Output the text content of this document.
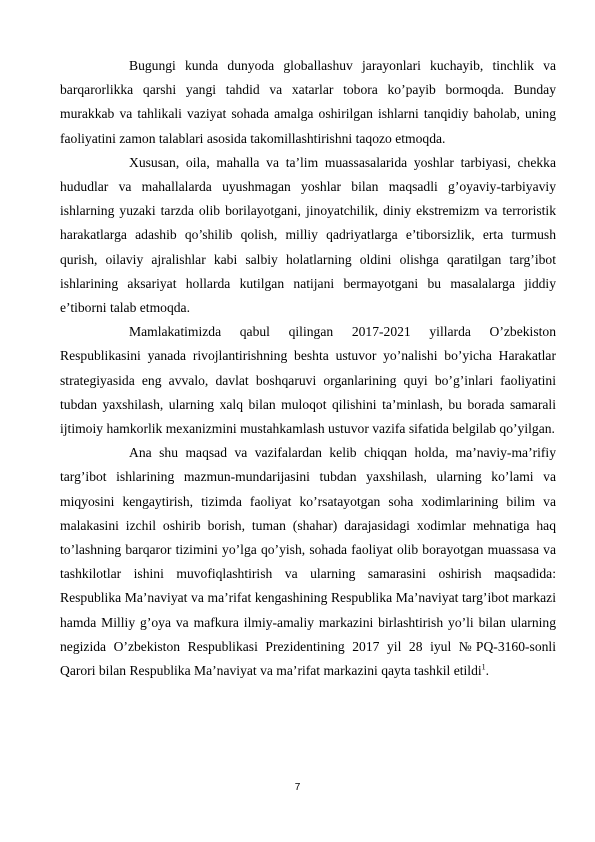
Bugungi kunda dunyoda globallashuv jarayonlari kuchayib, tinchlik va barqarorlikka qarshi yangi tahdid va xatarlar tobora ko’payib bormoqda. Bunday murakkab va tahlikali vaziyat sohada amalga oshirilgan ishlarni tanqidiy baholab, uning faoliyatini zamon talablari asosida takomillashtirishni taqozo etmoqda.

Xususan, oila, mahalla va ta’lim muassasalarida yoshlar tarbiyasi, chekka hududlar va mahallalarda uyushmagan yoshlar bilan maqsadli g’oyaviy-tarbiyaviy ishlarning yuzaki tarzda olib borilayotgani, jinoyatchilik, diniy ekstremizm va terroristik harakatlarga adashib qo’shilib qolish, milliy qadriyatlarga e’tiborsizlik, erta turmush qurish, oilaviy ajralishlar kabi salbiy holatlarning oldini olishga qaratilgan targ’ibot ishlarining aksariyat hollarda kutilgan natijani bermayotgani bu masalalarga jiddiy e’tiborni talab etmoqda.

Mamlakatimizda qabul qilingan 2017-2021 yillarda O’zbekiston Respublikasini yanada rivojlantirishning beshta ustuvor yo’nalishi bo’yicha Harakatlar strategiyasida eng avvalo, davlat boshqaruvi organlarining quyi bo’g’inlari faoliyatini tubdan yaxshilash, ularning xalq bilan muloqot qilishini ta’minlash, bu borada samarali ijtimoiy hamkorlik mexanizmini mustahkamlash ustuvor vazifa sifatida belgilab qo’yilgan.

Ana shu maqsad va vazifalardan kelib chiqqan holda, ma’naviy-ma’rifiy targ’ibot ishlarining mazmun-mundarijasini tubdan yaxshilash, ularning ko’lami va miqyosini kengaytirish, tizimda faoliyat ko’rsatayotgan soha xodimlarining bilim va malakasini izchil oshirib borish, tuman (shahar) darajasidagi xodimlar mehnatiga haq to’lashning barqaror tizimini yo’lga qo’yish, sohada faoliyat olib borayotgan muassasa va tashkilotlar ishini muvofiqlashtirish va ularning samarasini oshirish maqsadida: Respublika Ma’naviyat va ma’rifat kengashining Respublika Ma’naviyat targ’ibot markazi hamda Milliy g’oya va mafkura ilmiy-amaliy markazini birlashtirish yo’li bilan ularning negizida O’zbekiston Respublikasi Prezidentining 2017 yil 28 iyul №PQ-3160-sonli Qarori bilan Respublika Ma’naviyat va ma’rifat markazini qayta tashkil etildi$^1$.

7
